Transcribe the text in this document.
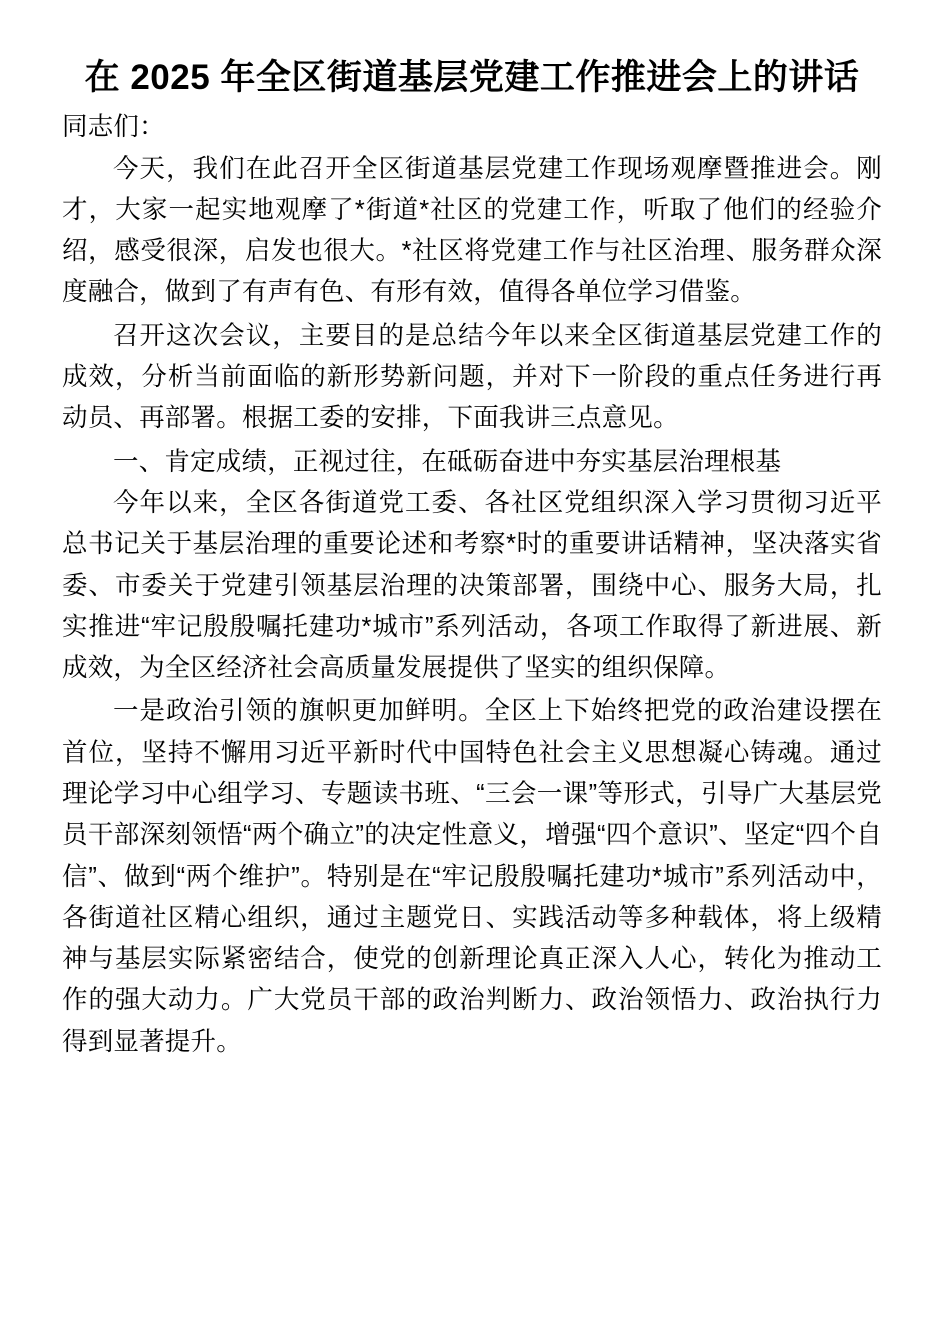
在 2025 年全区街道基层党建工作推进会上的讲话

同志们：

今天，我们在此召开全区街道基层党建工作现场观摩暨推进会。刚才，大家一起实地观摩了*街道*社区的党建工作，听取了他们的经验介绍，感受很深，启发也很大。*社区将党建工作与社区治理、服务群众深度融合，做到了有声有色、有形有效，值得各单位学习借鉴。

召开这次会议，主要目的是总结今年以来全区街道基层党建工作的成效，分析当前面临的新形势新问题，并对下一阶段的重点任务进行再动员、再部署。根据工委的安排，下面我讲三点意见。

一、肯定成绩，正视过往，在砥砺奋进中夯实基层治理根基

今年以来，全区各街道党工委、各社区党组织深入学习贯彻习近平总书记关于基层治理的重要论述和考察*时的重要讲话精神，坚决落实省委、市委关于党建引领基层治理的决策部署，围绕中心、服务大局，扎实推进“牢记殷殷嘱托建功*城市”系列活动，各项工作取得了新进展、新成效，为全区经济社会高质量发展提供了坚实的组织保障。

一是政治引领的旗帜更加鲜明。全区上下始终把党的政治建设摆在首位，坚持不懈用习近平新时代中国特色社会主义思想凝心铸魂。通过理论学习中心组学习、专题读书班、“三会一课”等形式，引导广大基层党员干部深刻领悟“两个确立”的决定性意义，增强“四个意识”、坚定“四个自信”、做到“两个维护”。特别是在“牢记殷殷嘱托建功*城市”系列活动中，各街道社区精心组织，通过主题党日、实践活动等多种载体，将上级精神与基层实际紧密结合，使党的创新理论真正深入人心，转化为推动工作的强大动力。广大党员干部的政治判断力、政治领悟力、政治执行力得到显著提升。
